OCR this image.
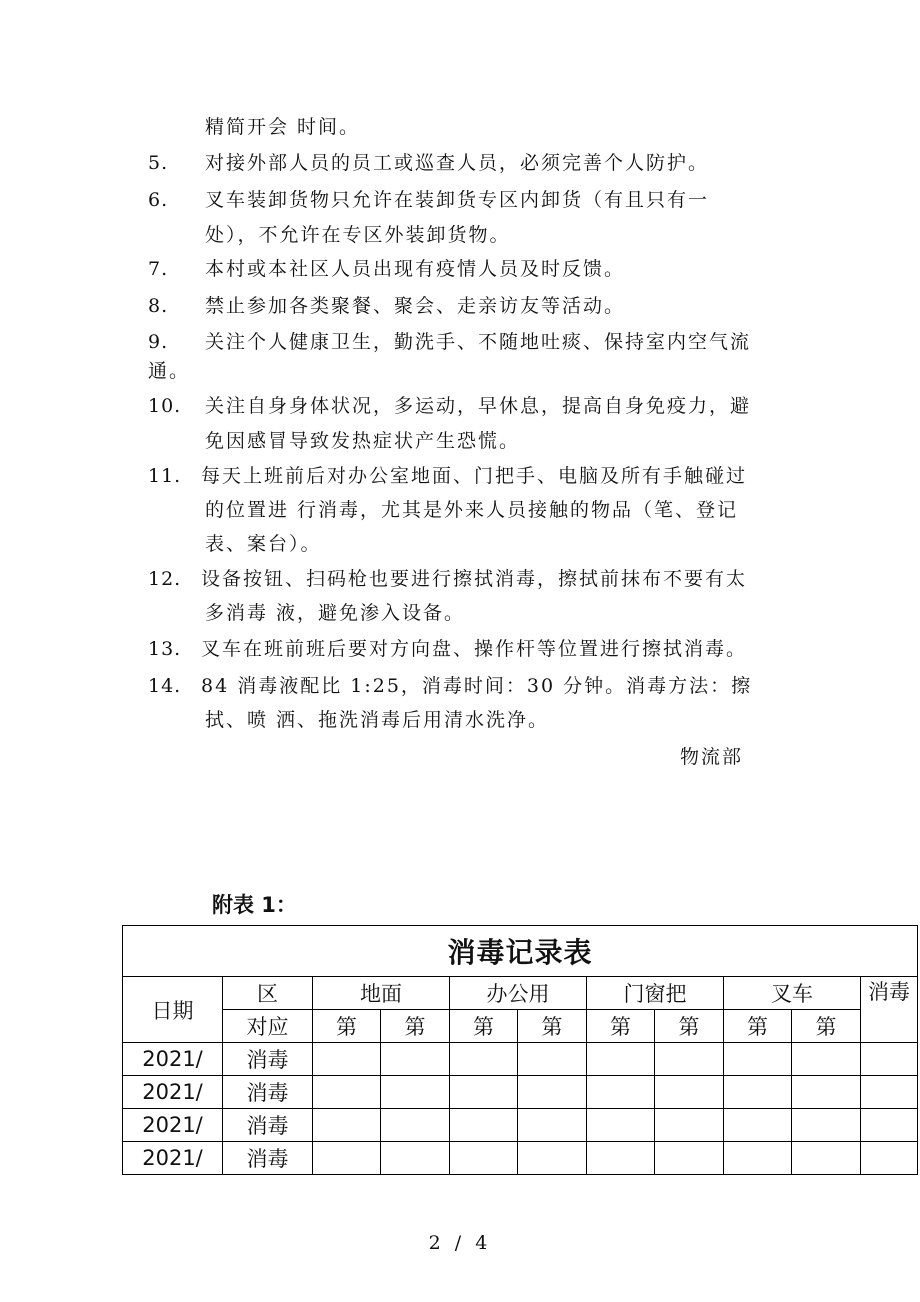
精简开会 时间。
5. 对接外部人员的员工或巡查人员，必须完善个人防护。
6. 叉车装卸货物只允许在装卸货专区内卸货（有且只有一
处），不允许在专区外装卸货物。
7. 本村或本社区人员出现有疫情人员及时反馈。
8. 禁止参加各类聚餐、聚会、走亲访友等活动。
9. 关注个人健康卫生，勤洗手、不随地吐痰、保持室内空气流
通。
10. 关注自身身体状况，多运动，早休息，提高自身免疫力，避
免因感冒导致发热症状产生恐慌。
11. 每天上班前后对办公室地面、门把手、电脑及所有手触碰过
的位置进 行消毒，尤其是外来人员接触的物品（笔、登记
表、案台）。
12. 设备按钮、扫码枪也要进行擦拭消毒，擦拭前抹布不要有太
多消毒 液，避免渗入设备。
13. 叉车在班前班后要对方向盘、操作杆等位置进行擦拭消毒。
14. 84 消毒液配比 1:25，消毒时间：30 分钟。消毒方法：擦
拭、喷 洒、拖洗消毒后用清水洗净。
物流部
附表 1：
消毒记录表										
日期	区	地面		办公用		门窗把		叉车		消毒
	对应	第	第	第	第	第	第	第	第	
2021/	消毒									
2021/	消毒									
2021/	消毒									
2021/	消毒									
2 / 4
